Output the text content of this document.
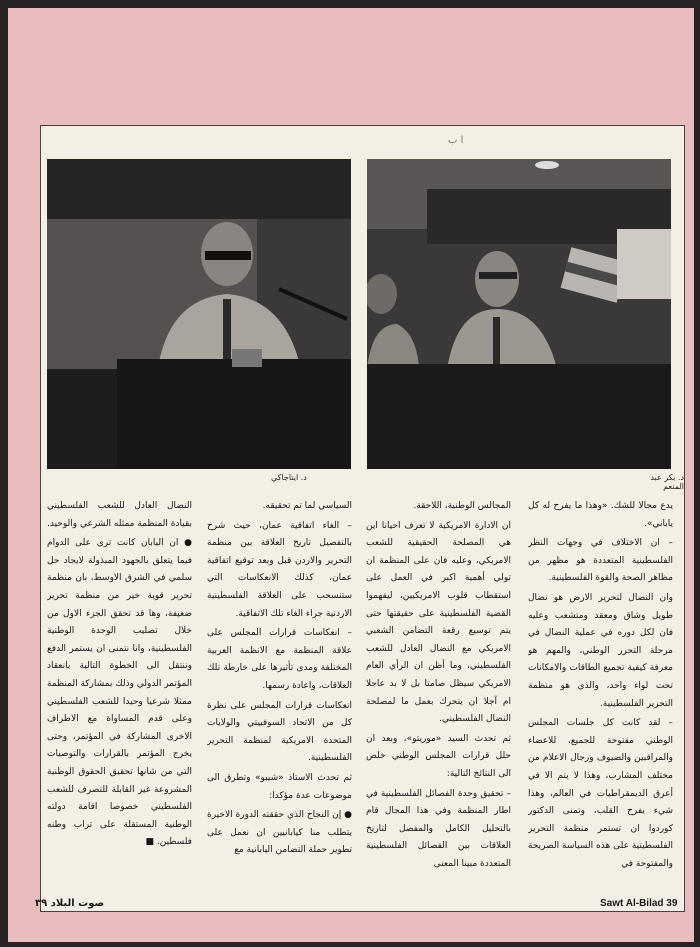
د. ايتاجاكي	د. بكر عبد المنعم

يدع مجالا للشك. «وهذا ما يفرح له كل ياباني».

– ان الاختلاف في وجهات النظر الفلسطينية المتعددة هو مظهر من مظاهر الصحة والقوة الفلسطينية.

وان النضال لتحرير الارض هو نضال طويل وشاق ومعقد ومتشعب وعليه فان لكل دوره في عملية النضال في مرحلة التحرر الوطني، والمهم هو معرفة كيفية تجميع الطاقات والامكانات تحت لواء واحد، والذي هو منظمة التحرير الفلسطينية.

– لقد كانت كل جلسات المجلس الوطني مفتوحة للجميع، للاعضاء والمراقبين والضيوف ورجال الاعلام من مختلف المشارب، وهذا لا يتم الا في أعرق الديمقراطيات في العالم، وهذا شيء يفرح القلب، وتمنى الدكتور كوردوا ان تستمر منظمة التحرير الفلسطينية على هذه السياسة الصريحة والمفتوحة في

المجالس الوطنية، اللاحقة.

ان الادارة الامريكية لا تعرف احيانا اين هي المصلحة الحقيقية للشعب الامريكي، وعليه فان على المنظمة ان تولي أهمية اكبر في العمل على استقطاب قلوب الامريكيين، ليفهموا القضية الفلسطينية على حقيقتها حتى يتم توسيع رقعة التضامن الشعبي الامريكي مع النضال العادل للشعب الفلسطيني، وما أظن ان الرأي العام الامريكي سيظل صامتا بل لا بد عاجلا ام آجلا ان يتحرك بعمل ما لمصلحة النضال الفلسطيني.

ثم تحدث السيد «موريتو»، وبعد ان حلل قرارات المجلس الوطني خلص الى النتائج التالية:

– تحقيق وحدة الفصائل الفلسطينية في اطار المنظمة وفي هذا المجال قام بالتحليل الكامل والمفصل لتاريخ العلاقات بين الفصائل الفلسطينية المتعددة مبينا المعنى

السياسي لما تم تحقيقه.

– الغاء اتفاقية عمان، حيث شرح بالتفصيل تاريخ العلاقة بين منظمة التحرير والاردن قبل وبعد توقيع اتفاقية عمان، كذلك الانعكاسات التي ستنسحب على العلاقة الفلسطينية الاردنية جراء الغاء تلك الاتفاقية.

– انعكاسات قرارات المجلس على علاقة المنظمة مع الانظمة العربية المختلفة ومدى تأثيرها على خارطة تلك العلاقات، واعادة رسمها.

انعكاسات قرارات المجلس على نظرة كل من الاتحاد السوفييتي والولايات المتحدة الامريكية لمنظمة التحرير الفلسطينية.

ثم تحدث الاستاذ «شيبو» وتطرق الى موضوعات عدة مؤكدا:

● إن النجاح الذي حققته الدورة الاخيرة يتطلب منا كيابانيين ان نعمل على تطوير حملة التضامن اليابانية مع

النضال العادل للشعب الفلسطيني بقيادة المنظمة ممثله الشرعي والوحيد.

● ان اليابان كانت ترى على الدوام فيما يتعلق بالجهود المبذولة لايجاد حل سلمي في الشرق الاوسط، بان منظمة تحرير قوية خير من منظمة تحرير ضعيفة، وها قد تحقق الجزء الاول من خلال تصليب الوحدة الوطنية الفلسطينية، وانا نتمنى ان يستمر الدفع وننتقل الى الخطوة التالية بانعقاد المؤتمر الدولي وذلك بمشاركة المنظمة ممثلا شرعيا وحيدا للشعب الفلسطيني وعلى قدم المساواة مع الاطراف الاخرى المشاركة في المؤتمر، وحتى يخرج المؤتمر بالقرارات والتوصيات التي من شانها تحقيق الحقوق الوطنية المشروعة غير القابلة للتصرف للشعب الفلسطيني خصوصا اقامة دولته الوطنية المستقلة على تراب وطنه فلسطين. ■

ا ب
Sawt Al-Bilad 39
صوت البلاد ٣٩
